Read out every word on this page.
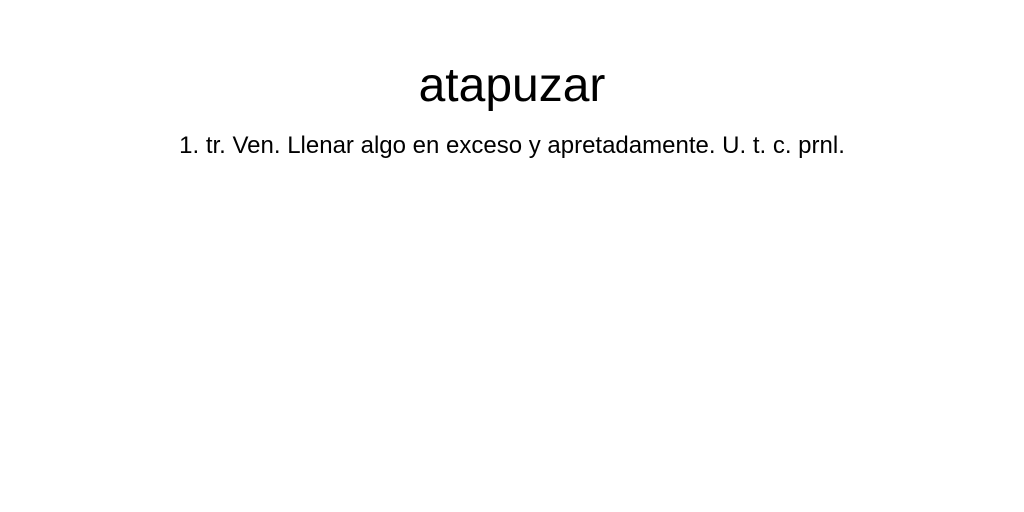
atapuzar

1. tr. Ven. Llenar algo en exceso y apretadamente. U. t. c. prnl.
